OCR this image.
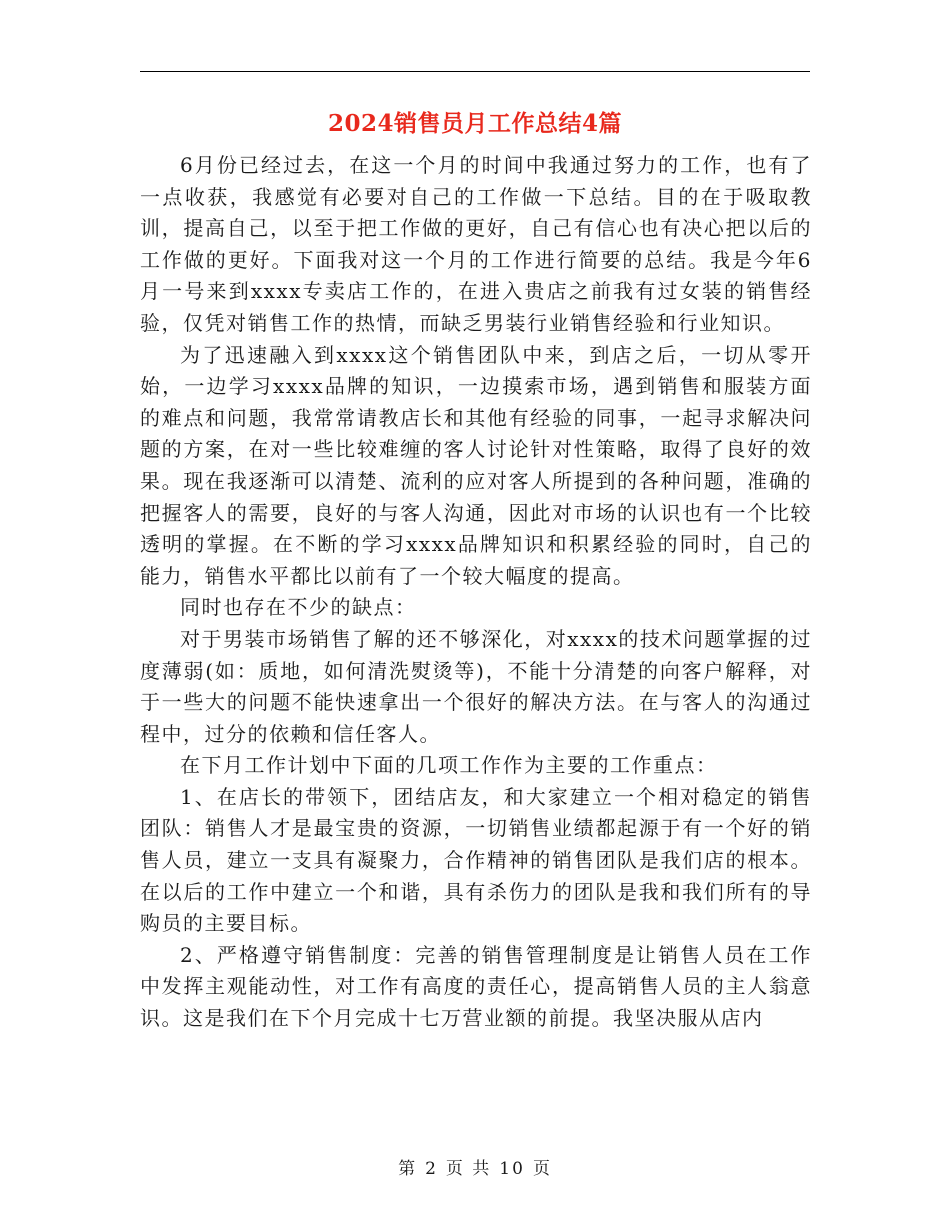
2024销售员月工作总结4篇

6月份已经过去，在这一个月的时间中我通过努力的工作，也有了一点收获，我感觉有必要对自己的工作做一下总结。目的在于吸取教训，提高自己，以至于把工作做的更好，自己有信心也有决心把以后的工作做的更好。下面我对这一个月的工作进行简要的总结。我是今年6月一号来到xxxx专卖店工作的，在进入贵店之前我有过女装的销售经验，仅凭对销售工作的热情，而缺乏男装行业销售经验和行业知识。

为了迅速融入到xxxx这个销售团队中来，到店之后，一切从零开始，一边学习xxxx品牌的知识，一边摸索市场，遇到销售和服装方面的难点和问题，我常常请教店长和其他有经验的同事，一起寻求解决问题的方案，在对一些比较难缠的客人讨论针对性策略，取得了良好的效果。现在我逐渐可以清楚、流利的应对客人所提到的各种问题，准确的把握客人的需要，良好的与客人沟通，因此对市场的认识也有一个比较透明的掌握。在不断的学习xxxx品牌知识和积累经验的同时，自己的能力，销售水平都比以前有了一个较大幅度的提高。

同时也存在不少的缺点：

对于男装市场销售了解的还不够深化，对xxxx的技术问题掌握的过度薄弱(如：质地，如何清洗熨烫等)，不能十分清楚的向客户解释，对于一些大的问题不能快速拿出一个很好的解决方法。在与客人的沟通过程中，过分的依赖和信任客人。

在下月工作计划中下面的几项工作作为主要的工作重点：

1、在店长的带领下，团结店友，和大家建立一个相对稳定的销售团队：销售人才是最宝贵的资源，一切销售业绩都起源于有一个好的销售人员，建立一支具有凝聚力，合作精神的销售团队是我们店的根本。在以后的工作中建立一个和谐，具有杀伤力的团队是我和我们所有的导购员的主要目标。

2、严格遵守销售制度：完善的销售管理制度是让销售人员在工作中发挥主观能动性，对工作有高度的责任心，提高销售人员的主人翁意识。这是我们在下个月完成十七万营业额的前提。我坚决服从店内

第 2 页 共 10 页
